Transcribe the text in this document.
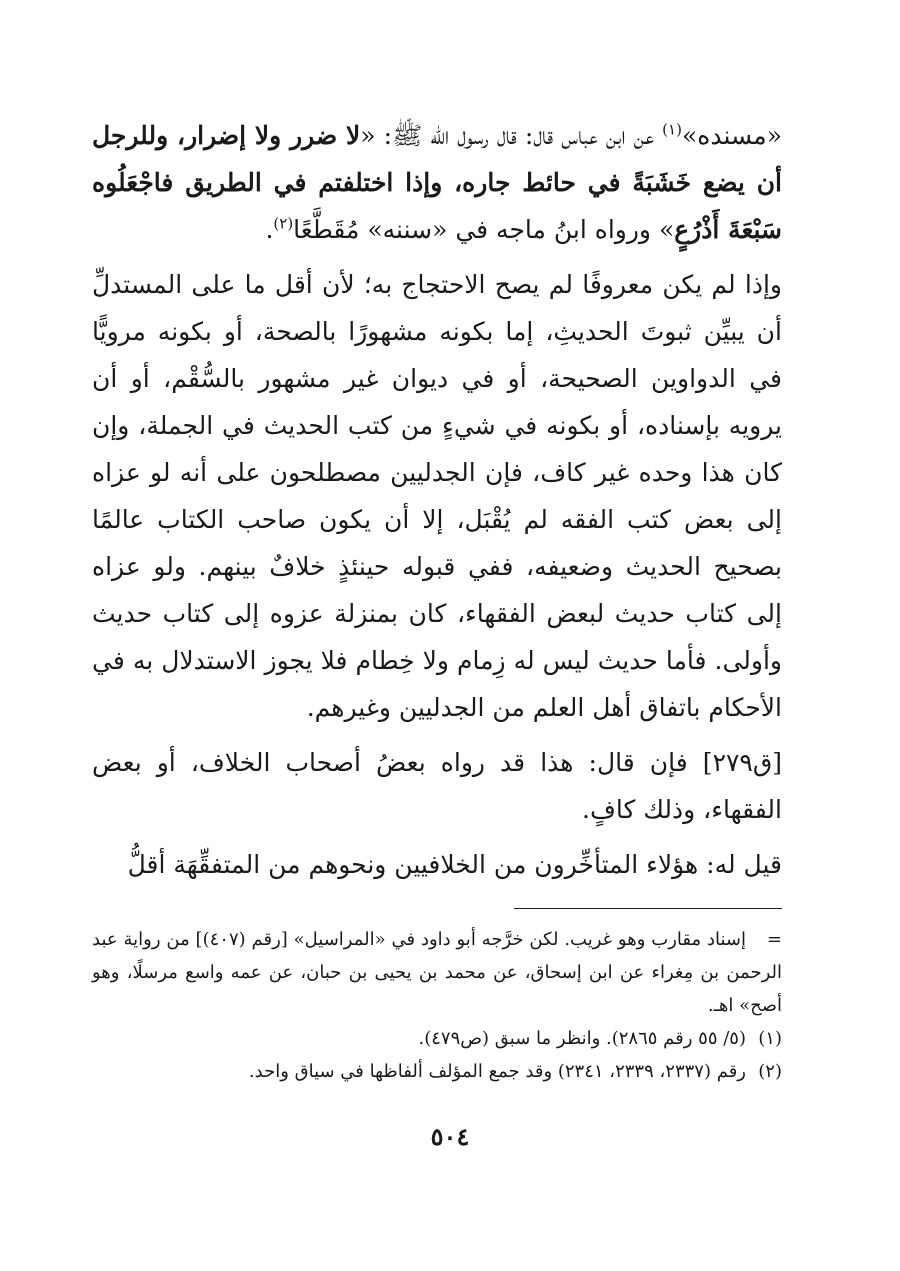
«مسنده»$^{(١)}$ عن ابن عباس قال: قال رسول الله ﷺ: «لا ضرر ولا إضرار، وللرجل أن يضع خَشَبَةً في حائط جاره، وإذا اختلفتم في الطريق فاجْعَلُوه سَبْعَةَ أَذْرُعٍ» ورواه ابنُ ماجه في «سننه» مُقَطَّعًا$^{(٢)}$.

وإذا لم يكن معروفًا لم يصح الاحتجاج به؛ لأن أقل ما على المستدلِّ أن يبيِّن ثبوتَ الحديثِ، إما بكونه مشهورًا بالصحة، أو بكونه مرويًّا في الدواوين الصحيحة، أو في ديوان غير مشهور بالسُّقْم، أو أن يرويه بإسناده، أو بكونه في شيءٍ من كتب الحديث في الجملة، وإن كان هذا وحده غير كاف، فإن الجدليين مصطلحون على أنه لو عزاه إلى بعض كتب الفقه لم يُقْبَل، إلا أن يكون صاحب الكتاب عالمًا بصحيح الحديث وضعيفه، ففي قبوله حينئذٍ خلافٌ بينهم. ولو عزاه إلى كتاب حديث لبعض الفقهاء، كان بمنزلة عزوه إلى كتاب حديث وأولى. فأما حديث ليس له زِمام ولا خِطام فلا يجوز الاستدلال به في الأحكام باتفاق أهل العلم من الجدليين وغيرهم.

[ق٢٧٩] فإن قال: هذا قد رواه بعضُ أصحاب الخلاف، أو بعض الفقهاء، وذلك كافٍ.

قيل له: هؤلاء المتأخِّرون من الخلافيين ونحوهم من المتفقِّهَة أقلُّ

=إسناد مقارب وهو غريب. لكن خرَّجه أبو داود في «المراسيل» [رقم (٤٠٧)] من رواية عبد الرحمن بن مِغراء عن ابن إسحاق، عن محمد بن يحيى بن حبان، عن عمه واسع مرسلًا، وهو أصح» اهـ.

(١)(٥/ ٥٥ رقم ٢٨٦٥). وانظر ما سبق (ص٤٧٩).

(٢)رقم (٢٣٣٧، ٢٣٣٩، ٢٣٤١) وقد جمع المؤلف ألفاظها في سياق واحد.

٥٠٤
